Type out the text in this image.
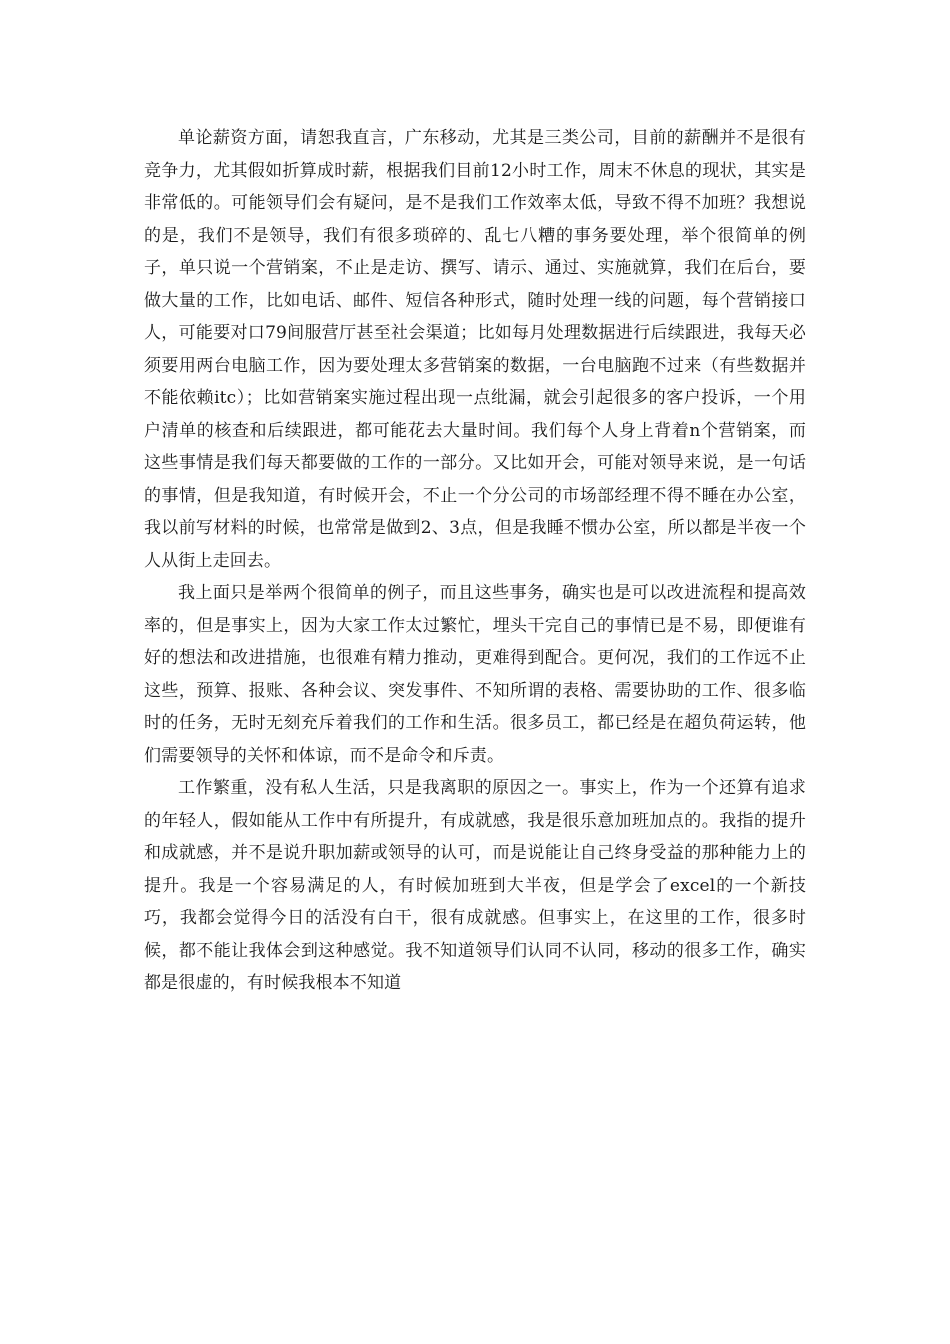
单论薪资方面，请恕我直言，广东移动，尤其是三类公司，目前的薪酬并不是很有竞争力，尤其假如折算成时薪，根据我们目前12小时工作，周末不休息的现状，其实是非常低的。可能领导们会有疑问，是不是我们工作效率太低，导致不得不加班？我想说的是，我们不是领导，我们有很多琐碎的、乱七八糟的事务要处理，举个很简单的例子，单只说一个营销案，不止是走访、撰写、请示、通过、实施就算，我们在后台，要做大量的工作，比如电话、邮件、短信各种形式，随时处理一线的问题，每个营销接口人，可能要对口79间服营厅甚至社会渠道；比如每月处理数据进行后续跟进，我每天必须要用两台电脑工作，因为要处理太多营销案的数据，一台电脑跑不过来（有些数据并不能依赖itc）；比如营销案实施过程出现一点纰漏，就会引起很多的客户投诉，一个用户清单的核查和后续跟进，都可能花去大量时间。我们每个人身上背着n个营销案，而这些事情是我们每天都要做的工作的一部分。又比如开会，可能对领导来说，是一句话的事情，但是我知道，有时候开会，不止一个分公司的市场部经理不得不睡在办公室，我以前写材料的时候，也常常是做到2、3点，但是我睡不惯办公室，所以都是半夜一个人从街上走回去。

我上面只是举两个很简单的例子，而且这些事务，确实也是可以改进流程和提高效率的，但是事实上，因为大家工作太过繁忙，埋头干完自己的事情已是不易，即便谁有好的想法和改进措施，也很难有精力推动，更难得到配合。更何况，我们的工作远不止这些，预算、报账、各种会议、突发事件、不知所谓的表格、需要协助的工作、很多临时的任务，无时无刻充斥着我们的工作和生活。很多员工，都已经是在超负荷运转，他们需要领导的关怀和体谅，而不是命令和斥责。

工作繁重，没有私人生活，只是我离职的原因之一。事实上，作为一个还算有追求的年轻人，假如能从工作中有所提升，有成就感，我是很乐意加班加点的。我指的提升和成就感，并不是说升职加薪或领导的认可，而是说能让自己终身受益的那种能力上的提升。我是一个容易满足的人，有时候加班到大半夜，但是学会了excel的一个新技巧，我都会觉得今日的活没有白干，很有成就感。但事实上，在这里的工作，很多时候，都不能让我体会到这种感觉。我不知道领导们认同不认同，移动的很多工作，确实都是很虚的，有时候我根本不知道
